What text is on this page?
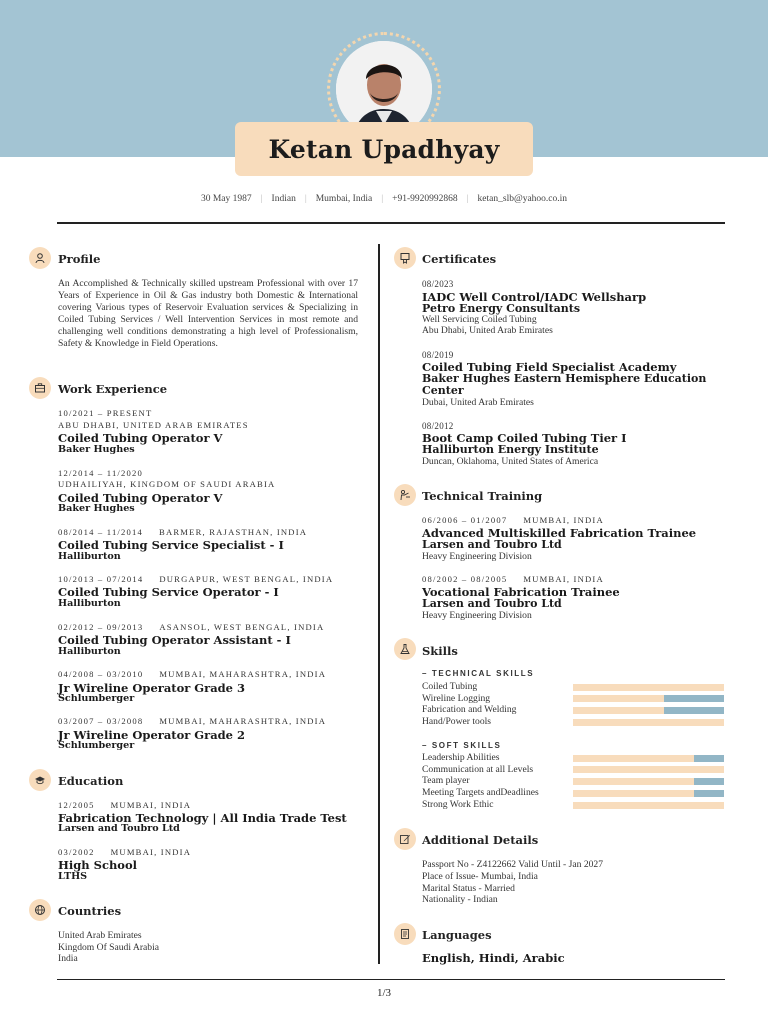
Ketan Upadhyay
30 May 1987 | Indian | Mumbai, India | +91-9920992868 | ketan_slb@yahoo.co.in
Profile
An Accomplished & Technically skilled upstream Professional with over 17 Years of Experience in Oil & Gas industry both Domestic & International covering Various types of Reservoir Evaluation services & Specializing in Coiled Tubing Services / Well Intervention Services in most remote and challenging well conditions demonstrating a high level of Professionalism, Safety & Knowledge in Field Operations.
Work Experience
10/2021 – PRESENT
ABU DHABI, UNITED ARAB EMIRATES
Coiled Tubing Operator V
Baker Hughes
12/2014 – 11/2020
UDHAILIYAH, KINGDOM OF SAUDI ARABIA
Coiled Tubing Operator V
Baker Hughes
08/2014 – 11/2014 BARMER, RAJASTHAN, INDIA
Coiled Tubing Service Specialist - I
Halliburton
10/2013 – 07/2014 DURGAPUR, WEST BENGAL, INDIA
Coiled Tubing Service Operator - I
Halliburton
02/2012 – 09/2013 ASANSOL, WEST BENGAL, INDIA
Coiled Tubing Operator Assistant - I
Halliburton
04/2008 – 03/2010 MUMBAI, MAHARASHTRA, INDIA
Jr Wireline Operator Grade 3
Schlumberger
03/2007 – 03/2008 MUMBAI, MAHARASHTRA, INDIA
Jr Wireline Operator Grade 2
Schlumberger
Education
12/2005 MUMBAI, INDIA
Fabrication Technology | All India Trade Test
Larsen and Toubro Ltd
03/2002 MUMBAI, INDIA
High School
LTHS
Countries
United Arab Emirates
Kingdom Of Saudi Arabia
India
Certificates
08/2023
IADC Well Control/IADC Wellsharp
Petro Energy Consultants
Well Servicing Coiled Tubing
Abu Dhabi, United Arab Emirates
08/2019
Coiled Tubing Field Specialist Academy
Baker Hughes Eastern Hemisphere Education
Center
Dubai, United Arab Emirates
08/2012
Boot Camp Coiled Tubing Tier I
Halliburton Energy Institute
Duncan, Oklahoma, United States of America
Technical Training
06/2006 – 01/2007 MUMBAI, INDIA
Advanced Multiskilled Fabrication Trainee
Larsen and Toubro Ltd
Heavy Engineering Division
08/2002 – 08/2005 MUMBAI, INDIA
Vocational Fabrication Trainee
Larsen and Toubro Ltd
Heavy Engineering Division
Skills
– TECHNICAL SKILLS
Coiled Tubing
Wireline Logging
Fabrication and Welding
Hand/Power tools
– SOFT SKILLS
Leadership Abilities
Communication at all Levels
Team player
Meeting Targets andDeadlines
Strong Work Ethic
Additional Details
Passport No - Z4122662 Valid Until - Jan 2027
Place of Issue- Mumbai, India
Marital Status - Married
Nationality - Indian
Languages
English, Hindi, Arabic
1/3
